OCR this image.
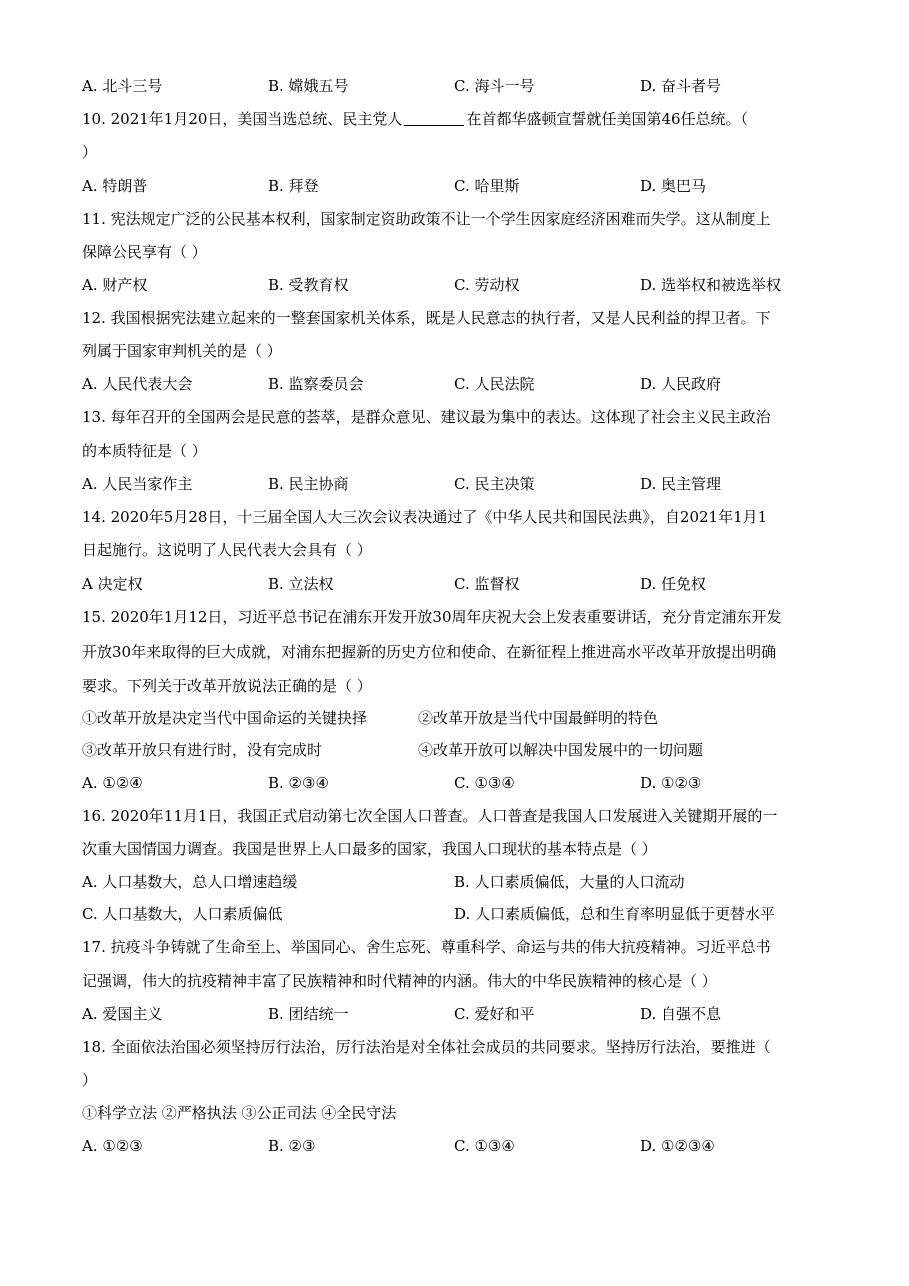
A. 北斗三号	B. 嫦娥五号	C. 海斗一号	D. 奋斗者号
10. 2021年1月20日，美国当选总统、民主党人	在首都华盛顿宣誓就任美国第46任总统。（
）
A. 特朗普	B. 拜登	C. 哈里斯	D. 奥巴马
11. 宪法规定广泛的公民基本权利，国家制定资助政策不让一个学生因家庭经济困难而失学。这从制度上
保障公民享有（ ）
A. 财产权	B. 受教育权	C. 劳动权	D. 选举权和被选举权
12. 我国根据宪法建立起来的一整套国家机关体系，既是人民意志的执行者，又是人民利益的捍卫者。下
列属于国家审判机关的是（ ）
A. 人民代表大会	B. 监察委员会	C. 人民法院	D. 人民政府
13. 每年召开的全国两会是民意的荟萃，是群众意见、建议最为集中的表达。这体现了社会主义民主政治
的本质特征是（ ）
A. 人民当家作主	B. 民主协商	C. 民主决策	D. 民主管理
14. 2020年5月28日，十三届全国人大三次会议表决通过了《中华人民共和国民法典》，自2021年1月1
日起施行。这说明了人民代表大会具有（ ）
A 决定权	B. 立法权	C. 监督权	D. 任免权
15. 2020年1月12日，习近平总书记在浦东开发开放30周年庆祝大会上发表重要讲话，充分肯定浦东开发
开放30年来取得的巨大成就，对浦东把握新的历史方位和使命、在新征程上推进高水平改革开放提出明确
要求。下列关于改革开放说法正确的是（ ）
①改革开放是决定当代中国命运的关键抉择	②改革开放是当代中国最鲜明的特色
③改革开放只有进行时，没有完成时	④改革开放可以解决中国发展中的一切问题
A. ①②④	B. ②③④	C. ①③④	D. ①②③
16. 2020年11月1日，我国正式启动第七次全国人口普查。人口普查是我国人口发展进入关键期开展的一
次重大国情国力调查。我国是世界上人口最多的国家，我国人口现状的基本特点是（ ）
A. 人口基数大，总人口增速趋缓	B. 人口素质偏低，大量的人口流动
C. 人口基数大，人口素质偏低	D. 人口素质偏低，总和生育率明显低于更替水平
17. 抗疫斗争铸就了生命至上、举国同心、舍生忘死、尊重科学、命运与共的伟大抗疫精神。习近平总书
记强调，伟大的抗疫精神丰富了民族精神和时代精神的内涵。伟大的中华民族精神的核心是（ ）
A. 爱国主义	B. 团结统一	C. 爱好和平	D. 自强不息
18. 全面依法治国必须坚持厉行法治，厉行法治是对全体社会成员的共同要求。坚持厉行法治，要推进（
）
①科学立法 ②严格执法 ③公正司法 ④全民守法
A. ①②③	B. ②③	C. ①③④	D. ①②③④
